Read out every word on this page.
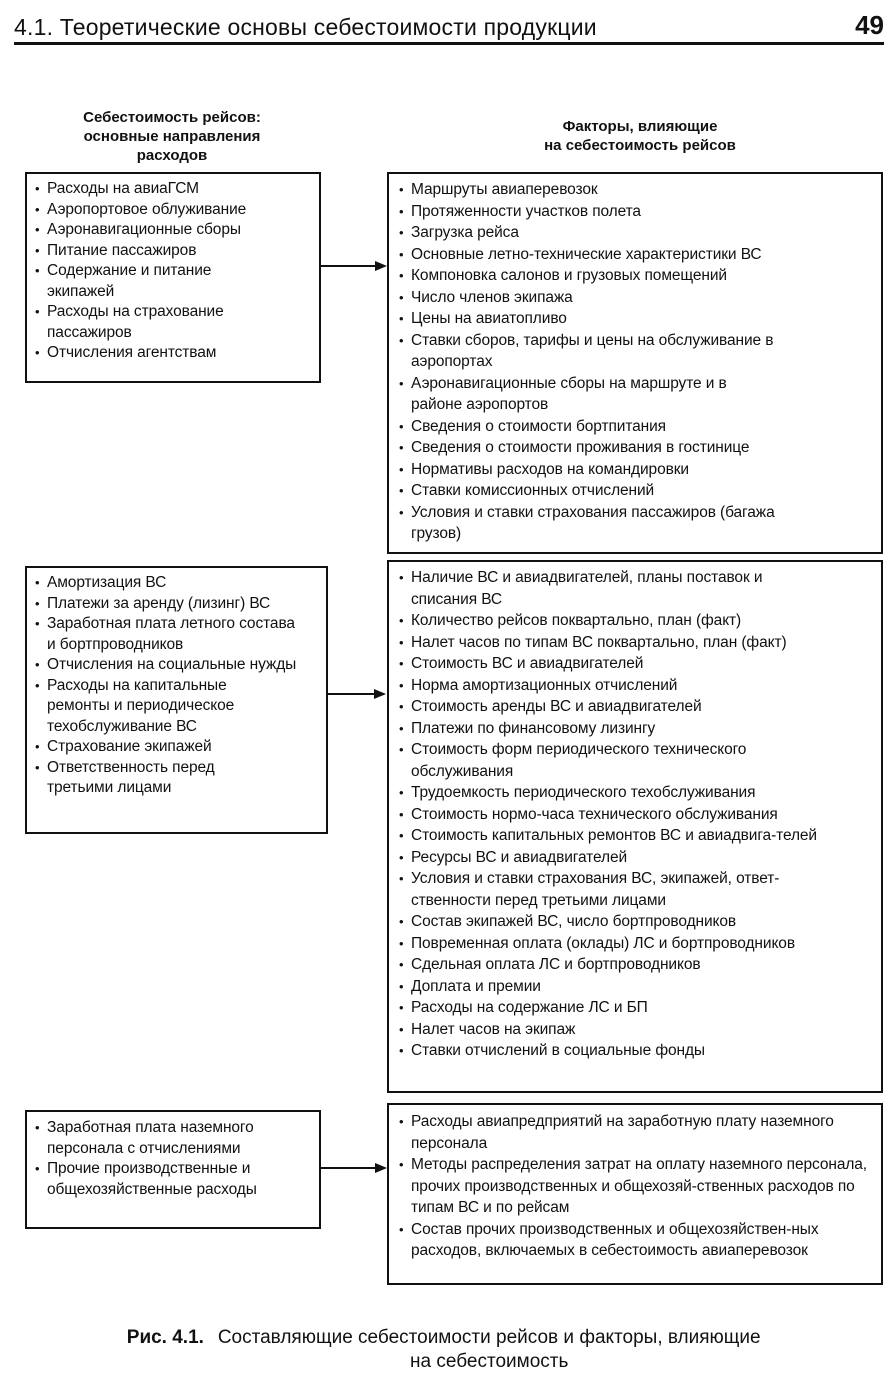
4.1. Теоретические основы себестоимости продукции	49
Себестоимость рейсов:
основные направления
расходов
Факторы, влияющие
на себестоимость рейсов
• Расходы на авиаГСМ
• Аэропортовое облуживание
• Аэронавигационные сборы
• Питание пассажиров
• Содержание и питание экипажей
• Расходы на страхование пассажиров
• Отчисления агентствам
• Маршруты авиаперевозок
• Протяженности участков полета
• Загрузка рейса
• Основные летно-технические характеристики ВС
• Компоновка салонов и грузовых помещений
• Число членов экипажа
• Цены на авиатопливо
• Ставки сборов, тарифы и цены на обслуживание в аэропортах
• Аэронавигационные сборы на маршруте и в районе аэропортов
• Сведения о стоимости бортпитания
• Сведения о стоимости проживания в гостинице
• Нормативы расходов на командировки
• Ставки комиссионных отчислений
• Условия и ставки страхования пассажиров (багажа грузов)
• Амортизация ВС
• Платежи за аренду (лизинг) ВС
• Заработная плата летного состава и бортпроводников
• Отчисления на социальные нужды
• Расходы на капитальные ремонты и периодическое техобслуживание ВС
• Страхование экипажей
• Ответственность перед третьими лицами
• Наличие ВС и авиадвигателей, планы поставок и списания ВС
• Количество рейсов поквартально, план (факт)
• Налет часов по типам ВС поквартально, план (факт)
• Стоимость ВС и авиадвигателей
• Норма амортизационных отчислений
• Стоимость аренды ВС и авиадвигателей
• Платежи по финансовому лизингу
• Стоимость форм периодического технического обслуживания
• Трудоемкость периодического техобслуживания
• Стоимость нормо-часа технического обслуживания
• Стоимость капитальных ремонтов ВС и авиадвига-телей
• Ресурсы ВС и авиадвигателей
• Условия и ставки страхования ВС, экипажей, ответ-ственности перед третьими лицами
• Состав экипажей ВС, число бортпроводников
• Повременная оплата (оклады) ЛС и бортпроводников
• Сдельная оплата ЛС и бортпроводников
• Доплата и премии
• Расходы на содержание ЛС и БП
• Налет часов на экипаж
• Ставки отчислений в социальные фонды
• Заработная плата наземного персонала с отчислениями
• Прочие производственные и общехозяйственные расходы
• Расходы авиапредприятий на заработную плату наземного персонала
• Методы распределения затрат на оплату наземного персонала, прочих производственных и общехозяй-ственных расходов по типам ВС и по рейсам
• Состав прочих производственных и общехозяйствен-ных расходов, включаемых в себестоимость авиаперевозок
Рис. 4.1. Составляющие себестоимости рейсов и факторы, влияющие на себестоимость
